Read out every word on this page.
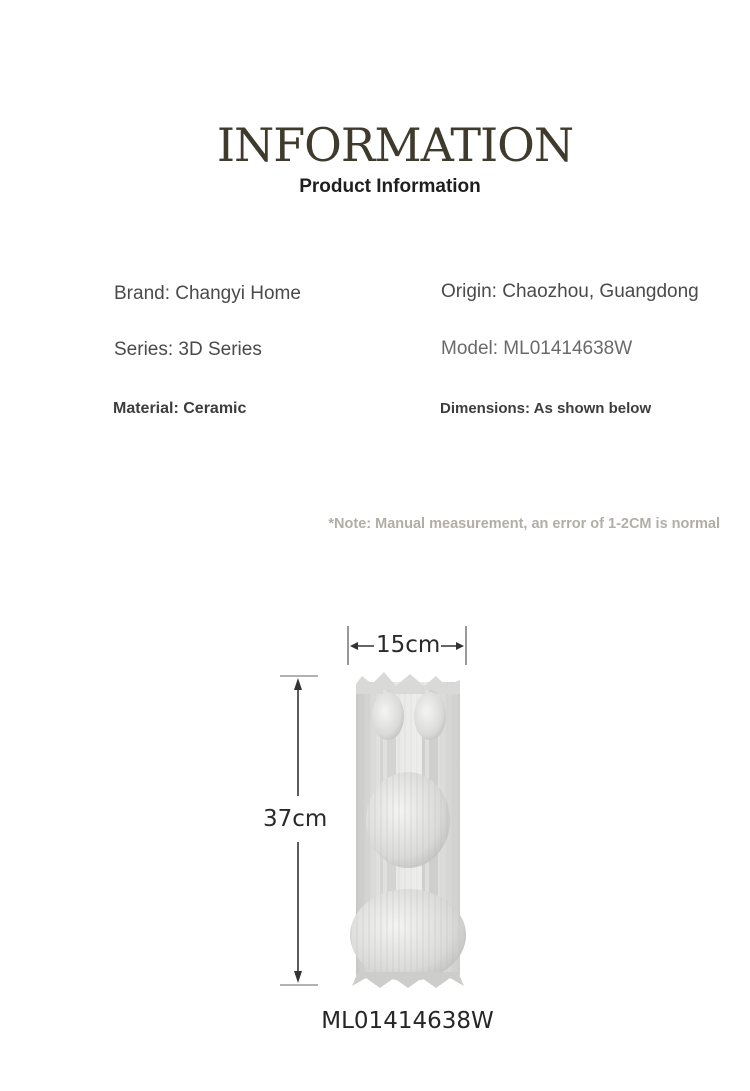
INFORMATION
Product Information
Brand: Changyi Home	Origin: Chaozhou, Guangdong
Series: 3D Series	Model: ML01414638W
Material: Ceramic	Dimensions: As shown below
*Note: Manual measurement, an error of 1-2CM is normal
15cm
37cm
ML01414638W
